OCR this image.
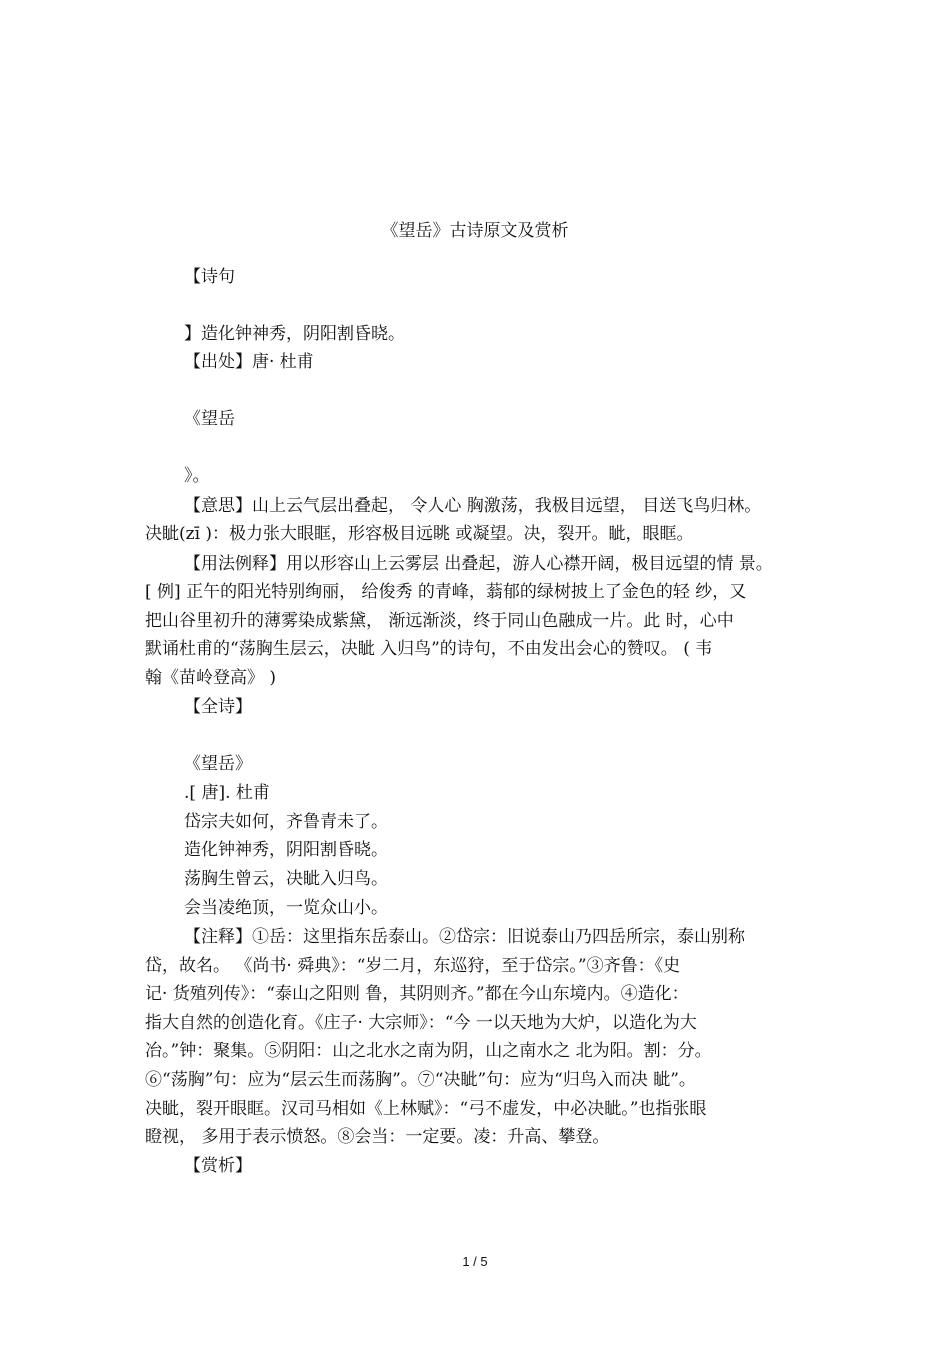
《望岳》古诗原文及赏析
【诗句
】造化钟神秀，阴阳割昏晓。
【出处】唐· 杜甫
《望岳
》。
【意思】山上云气层出叠起， 令人心 胸激荡，我极目远望， 目送飞鸟归林。
决眦(zī )：极力张大眼眶，形容极目远眺 或凝望。决，裂开。眦，眼眶。
【用法例释】用以形容山上云雾层 出叠起，游人心襟开阔，极目远望的情 景。
[ 例] 正午的阳光特别绚丽， 给俊秀 的青峰，蓊郁的绿树披上了金色的轻 纱，又
把山谷里初升的薄雾染成紫黛， 渐远渐淡，终于同山色融成一片。此 时，心中
默诵杜甫的“荡胸生层云，决眦 入归鸟”的诗句，不由发出会心的赞叹。 ( 韦
翰《苗岭登高》 )
【全诗】
《望岳》
.[ 唐]. 杜甫
岱宗夫如何，齐鲁青未了。
造化钟神秀，阴阳割昏晓。
荡胸生曾云，决眦入归鸟。
会当凌绝顶，一览众山小。
【注释】①岳：这里指东岳泰山。②岱宗：旧说泰山乃四岳所宗，泰山别称
岱，故名。 《尚书· 舜典》：“岁二月，东巡狩，至于岱宗。”③齐鲁：《史
记· 货殖列传》：“泰山之阳则 鲁，其阴则齐。”都在今山东境内。④造化：
指大自然的创造化育。《庄子· 大宗师》：“今 一以天地为大炉，以造化为大
冶。”钟：聚集。⑤阴阳：山之北水之南为阴，山之南水之 北为阳。割：分。
⑥“荡胸”句：应为“层云生而荡胸”。⑦“决眦”句：应为“归鸟入而决 眦”。
决眦，裂开眼眶。汉司马相如《上林赋》：“弓不虚发，中必决眦。”也指张眼
瞪视， 多用于表示愤怒。⑧会当：一定要。凌：升高、攀登。
【赏析】
1 / 5
